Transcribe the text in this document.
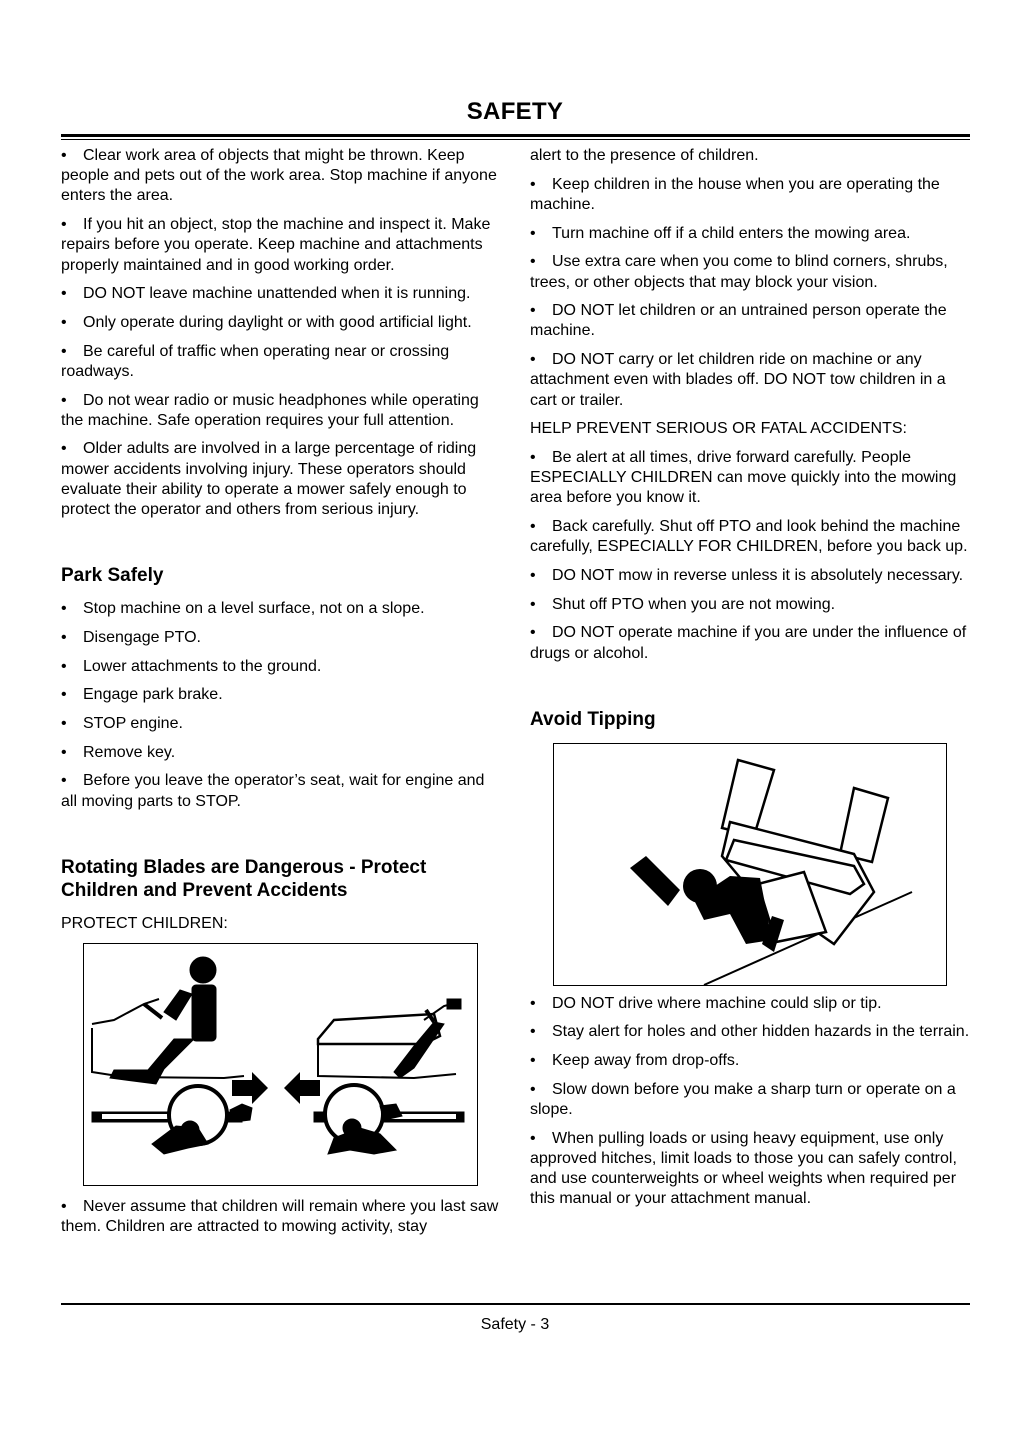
SAFETY
• Clear work area of objects that might be thrown. Keep people and pets out of the work area. Stop machine if anyone enters the area.
• If you hit an object, stop the machine and inspect it. Make repairs before you operate. Keep machine and attachments properly maintained and in good working order.
• DO NOT leave machine unattended when it is running.
• Only operate during daylight or with good artificial light.
• Be careful of traffic when operating near or crossing roadways.
• Do not wear radio or music headphones while operating the machine. Safe operation requires your full attention.
• Older adults are involved in a large percentage of riding mower accidents involving injury. These operators should evaluate their ability to operate a mower safely enough to protect the operator and others from serious injury.
Park Safely
• Stop machine on a level surface, not on a slope.
• Disengage PTO.
• Lower attachments to the ground.
• Engage park brake.
• STOP engine.
• Remove key.
• Before you leave the operator’s seat, wait for engine and all moving parts to STOP.
Rotating Blades are Dangerous - Protect Children and Prevent Accidents
PROTECT CHILDREN:
• Never assume that children will remain where you last saw them. Children are attracted to mowing activity, stay
alert to the presence of children.
• Keep children in the house when you are operating the machine.
• Turn machine off if a child enters the mowing area.
• Use extra care when you come to blind corners, shrubs, trees, or other objects that may block your vision.
• DO NOT let children or an untrained person operate the machine.
• DO NOT carry or let children ride on machine or any attachment even with blades off. DO NOT tow children in a cart or trailer.
HELP PREVENT SERIOUS OR FATAL ACCIDENTS:
• Be alert at all times, drive forward carefully. People ESPECIALLY CHILDREN can move quickly into the mowing area before you know it.
• Back carefully. Shut off PTO and look behind the machine carefully, ESPECIALLY FOR CHILDREN, before you back up.
• DO NOT mow in reverse unless it is absolutely necessary.
• Shut off PTO when you are not mowing.
• DO NOT operate machine if you are under the influence of drugs or alcohol.
Avoid Tipping
• DO NOT drive where machine could slip or tip.
• Stay alert for holes and other hidden hazards in the terrain.
• Keep away from drop-offs.
• Slow down before you make a sharp turn or operate on a slope.
• When pulling loads or using heavy equipment, use only approved hitches, limit loads to those you can safely control, and use counterweights or wheel weights when required per this manual or your attachment manual.
Safety - 3
